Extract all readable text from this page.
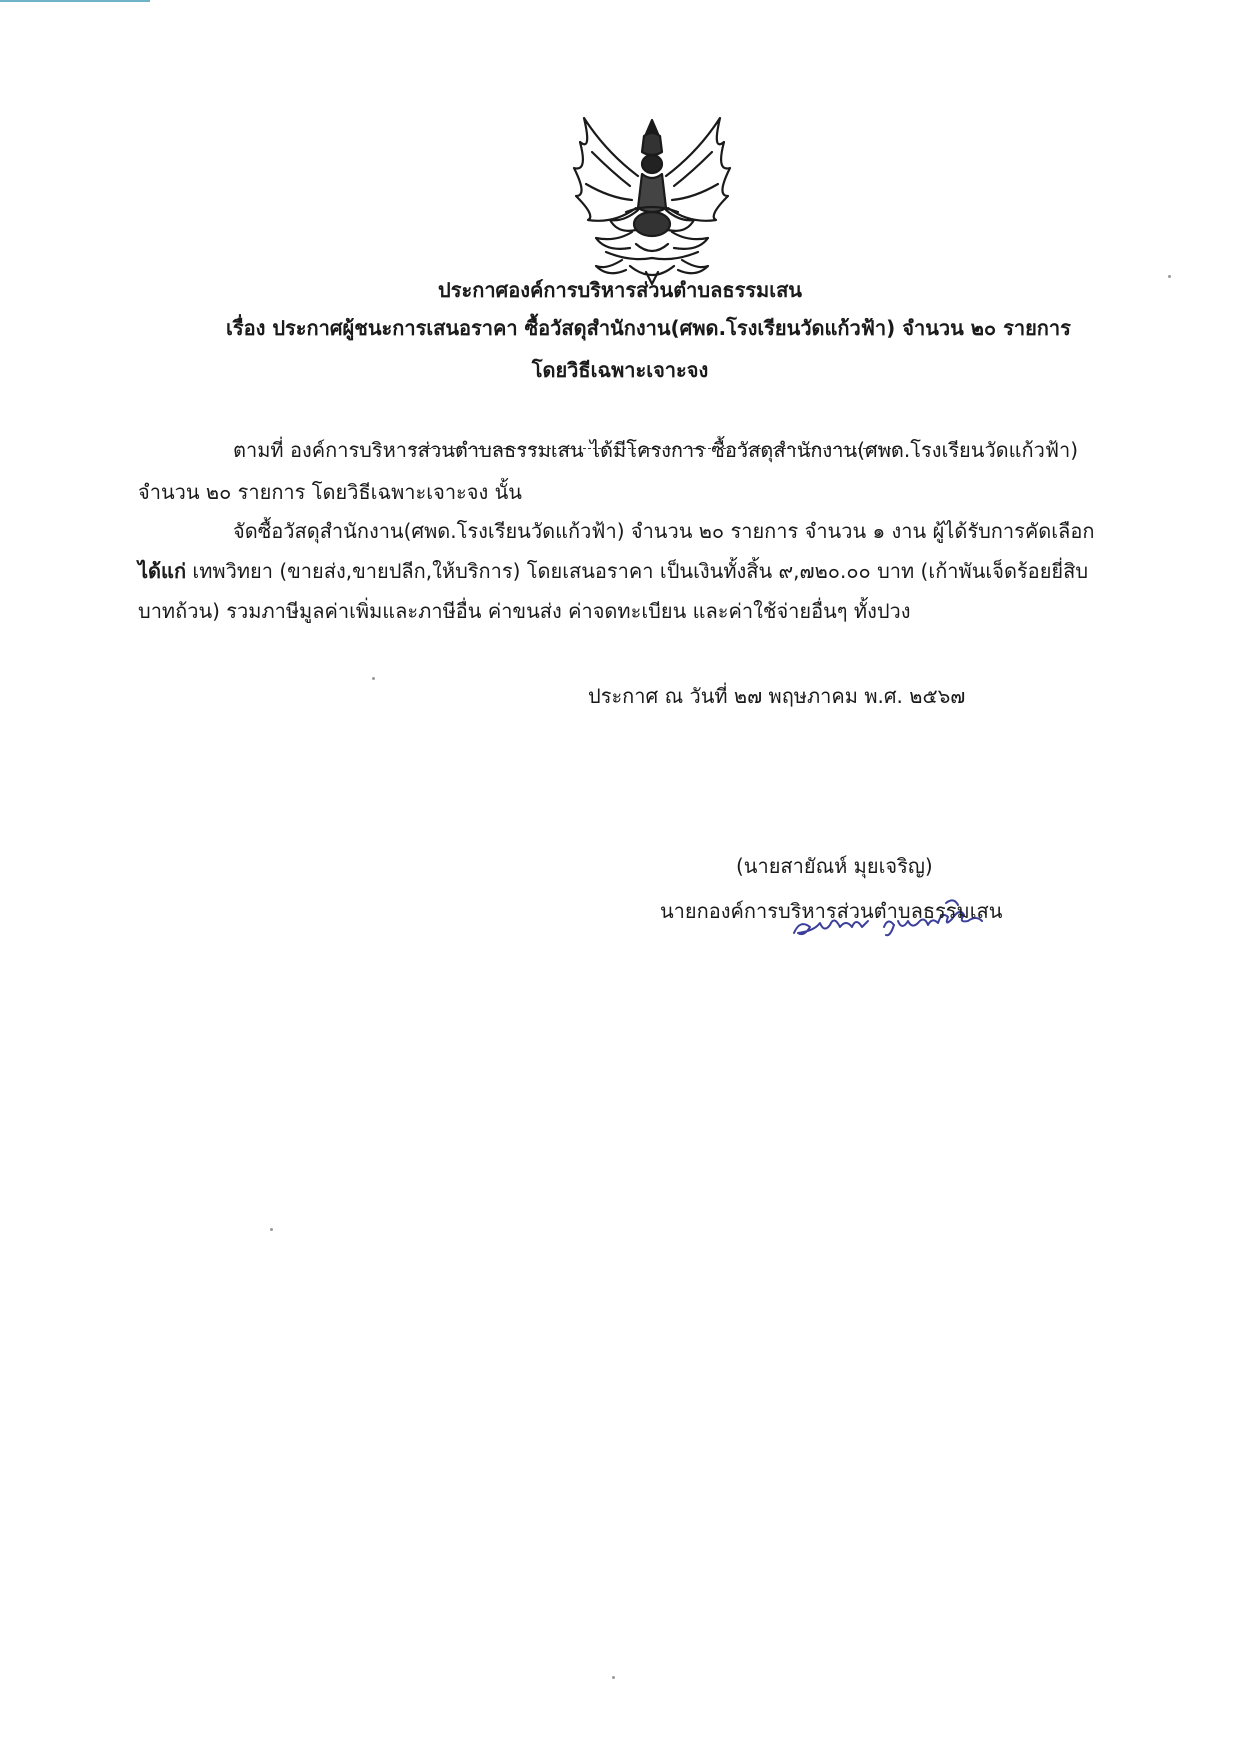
ประกาศองค์การบริหารส่วนตำบลธรรมเสน
เรื่อง ประกาศผู้ชนะการเสนอราคา ซื้อวัสดุสำนักงาน(ศพด.โรงเรียนวัดแก้วฟ้า) จำนวน ๒๐ รายการ
โดยวิธีเฉพาะเจาะจง
ตามที่ องค์การบริหารส่วนตำบลธรรมเสน ได้มีโครงการ ซื้อวัสดุสำนักงาน(ศพด.โรงเรียนวัดแก้วฟ้า)
จำนวน ๒๐ รายการ โดยวิธีเฉพาะเจาะจง นั้น
จัดซื้อวัสดุสำนักงาน(ศพด.โรงเรียนวัดแก้วฟ้า) จำนวน ๒๐ รายการ จำนวน ๑ งาน ผู้ได้รับการคัดเลือก
ได้แก่ เทพวิทยา (ขายส่ง,ขายปลีก,ให้บริการ) โดยเสนอราคา เป็นเงินทั้งสิ้น ๙,๗๒๐.๐๐ บาท (เก้าพันเจ็ดร้อยยี่สิบ
บาทถ้วน) รวมภาษีมูลค่าเพิ่มและภาษีอื่น ค่าขนส่ง ค่าจดทะเบียน และค่าใช้จ่ายอื่นๆ ทั้งปวง
ประกาศ ณ วันที่ ๒๗ พฤษภาคม พ.ศ. ๒๕๖๗
(นายสายัณห์ มุยเจริญ)
นายกองค์การบริหารส่วนตำบลธรรมเสน
